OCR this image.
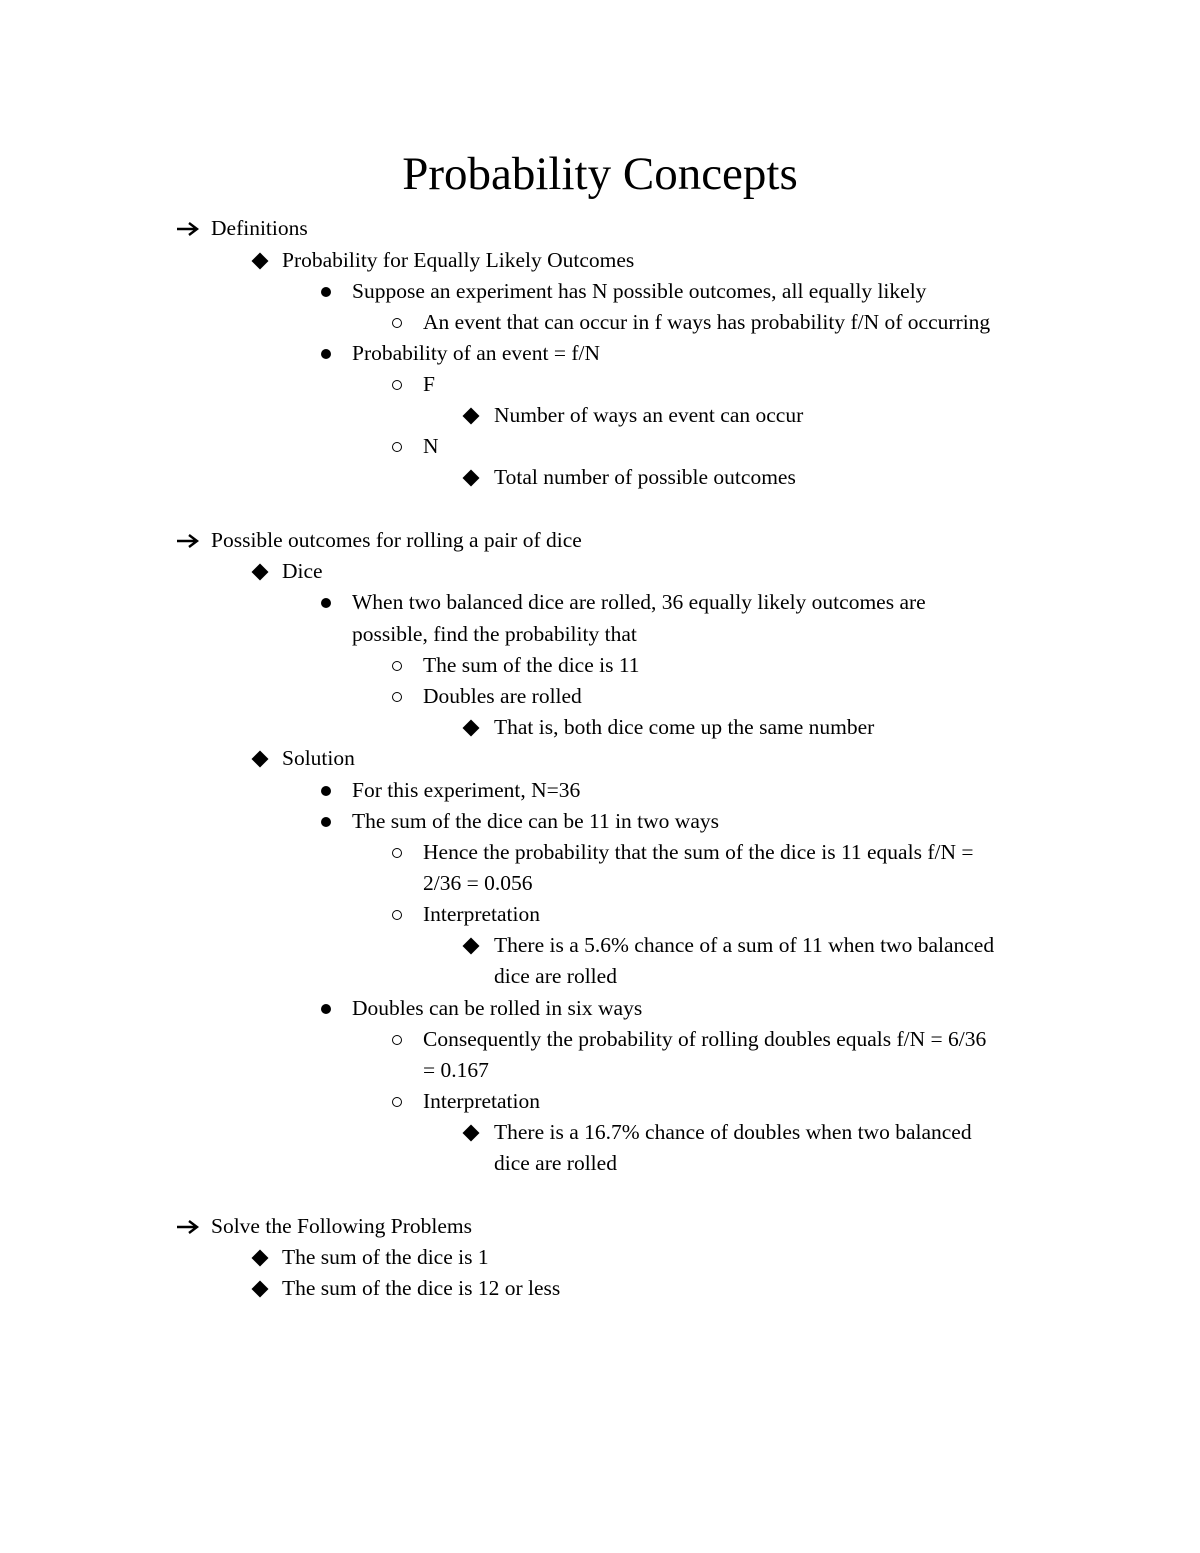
Probability Concepts
Definitions
Probability for Equally Likely Outcomes
Suppose an experiment has N possible outcomes, all equally likely
An event that can occur in f ways has probability f/N of occurring
Probability of an event = f/N
F
Number of ways an event can occur
N
Total number of possible outcomes
Possible outcomes for rolling a pair of dice
Dice
When two balanced dice are rolled, 36 equally likely outcomes are
possible, find the probability that
The sum of the dice is 11
Doubles are rolled
That is, both dice come up the same number
Solution
For this experiment, N=36
The sum of the dice can be 11 in two ways
Hence the probability that the sum of the dice is 11 equals f/N =
2/36 = 0.056
Interpretation
There is a 5.6% chance of a sum of 11 when two balanced
dice are rolled
Doubles can be rolled in six ways
Consequently the probability of rolling doubles equals f/N = 6/36
= 0.167
Interpretation
There is a 16.7% chance of doubles when two balanced
dice are rolled
Solve the Following Problems
The sum of the dice is 1
The sum of the dice is 12 or less
